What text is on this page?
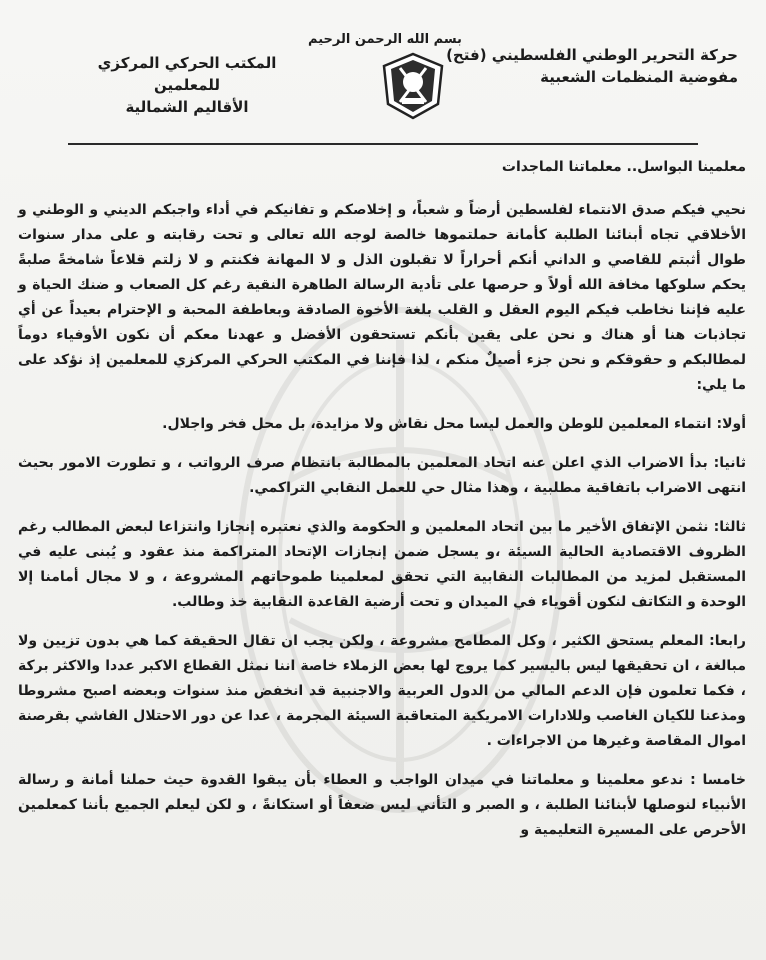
حركة التحرير الوطني الفلسطيني (فتح)
مفوضية المنظمات الشعبية
بسم الله الرحمن الرحيم
المكتب الحركي المركزي للمعلمين
الأقاليم الشمالية

معلمينا البواسل.. معلماتنا الماجدات

نحيي فيكم صدق الانتماء لفلسطين أرضاً و شعباً، و إخلاصكم و تفانيكم في أداء واجبكم الديني و الوطني و الأخلاقي تجاه أبنائنا الطلبة كأمانة حملتموها خالصة لوجه الله تعالى و تحت رقابته و على مدار سنوات طوال أثبتم للقاصي و الداني أنكم أحراراً لا تقبلون الذل و لا المهانة فكنتم و لا زلتم قلاعاً شامخةً صلبةً يحكم سلوكها مخافة الله أولاً و حرصها على تأدية الرسالة الطاهرة النقية رغم كل الصعاب و ضنك الحياة و عليه فإننا نخاطب فيكم اليوم العقل و القلب بلغة الأخوة الصادقة وبعاطفة المحبة و الإحترام بعيداً عن أي تجاذبات هنا أو هناك و نحن على يقين بأنكم تستحقون الأفضل و عهدنا معكم أن نكون الأوفياء دوماً لمطالبكم و حقوقكم و نحن جزء أصيلٌ منكم ، لذا فإننا في المكتب الحركي المركزي للمعلمين إذ نؤكد على ما يلي:

أولا: انتماء المعلمين للوطن والعمل ليسا محل نقاش ولا مزايدة، بل محل فخر واجلال.

ثانيا: بدأ الاضراب الذي اعلن عنه اتحاد المعلمين بالمطالبة بانتظام صرف الرواتب ، و تطورت الامور بحيث انتهى الاضراب باتفاقية مطلبية ، وهذا مثال حي للعمل النقابي التراكمي.

ثالثا: نثمن الإتفاق الأخير ما بين اتحاد المعلمين و الحكومة والذي نعتبره إنجازا وانتزاعا لبعض المطالب رغم الظروف الاقتصادية الحالية السيئة ،و يسجل ضمن إنجازات الإتحاد المتراكمة منذ عقود و يُبنى عليه في المستقبل لمزيد من المطالبات النقابية التي تحقق لمعلمينا طموحاتهم المشروعة ، و لا مجال أمامنا إلا الوحدة و التكاتف لنكون أقوياء في الميدان و تحت أرضية القاعدة النقابية خذ وطالب.

رابعا: المعلم يستحق الكثير ، وكل المطامح مشروعة ، ولكن يجب ان تقال الحقيقة كما هي بدون تزيين ولا مبالغة ، ان تحقيقها ليس باليسير كما يروج لها بعض الزملاء خاصة اننا نمثل القطاع الاكبر عددا والاكثر بركة ، فكما تعلمون فإن الدعم المالي من الدول العربية والاجنبية قد انخفض منذ سنوات وبعضه اصبح مشروطا ومذعنا للكيان الغاصب وللادارات الامريكية المتعاقبة السيئة المجرمة ، عدا عن دور الاحتلال الفاشي بقرصنة اموال المقاصة وغيرها من الاجراءات .

خامسا : ندعو معلمينا و معلماتنا في ميدان الواجب و العطاء بأن يبقوا القدوة حيث حملنا أمانة و رسالة الأنبياء لنوصلها لأبنائنا الطلبة ، و الصبر و التأني ليس ضعفاً أو استكانةً ، و لكن ليعلم الجميع بأننا كمعلمين الأحرص على المسيرة التعليمية و
